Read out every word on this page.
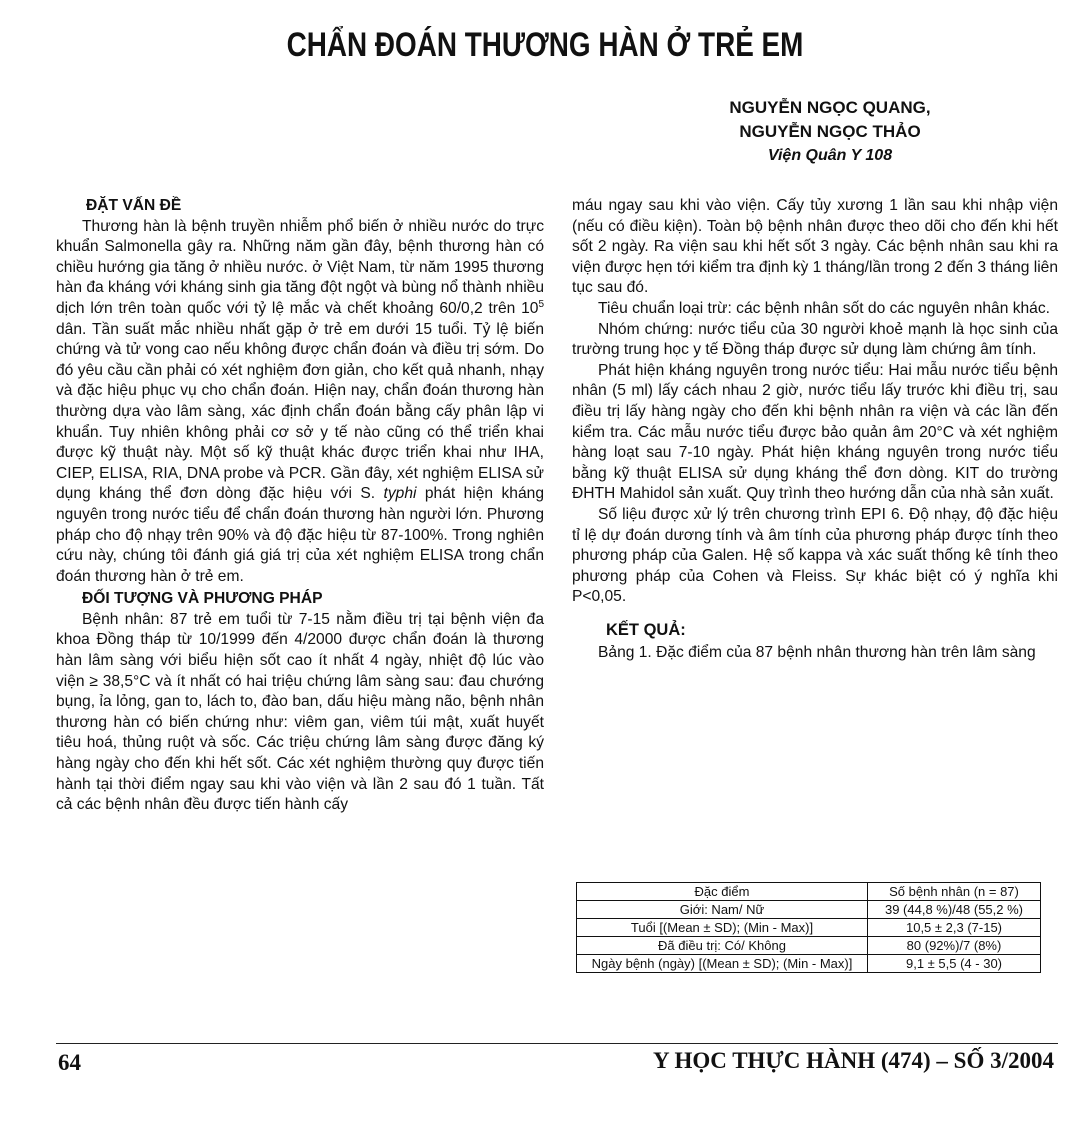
CHẨN ĐOÁN THƯƠNG HÀN Ở TRẺ EM
NGUYỄN NGỌC QUANG,
NGUYỄN NGỌC THẢO
Viện Quân Y 108
ĐẶT VẤN ĐỀ

Thương hàn là bệnh truyền nhiễm phổ biến ở nhiều nước do trực khuẩn Salmonella gây ra. Những năm gần đây, bệnh thương hàn có chiều hướng gia tăng ở nhiều nước. ở Việt Nam, từ năm 1995 thương hàn đa kháng với kháng sinh gia tăng đột ngột và bùng nổ thành nhiều dịch lớn trên toàn quốc với tỷ lệ mắc và chết khoảng 60/0,2 trên $10^5$ dân. Tần suất mắc nhiều nhất gặp ở trẻ em dưới 15 tuổi. Tỷ lệ biến chứng và tử vong cao nếu không được chẩn đoán và điều trị sớm. Do đó yêu cầu cần phải có xét nghiệm đơn giản, cho kết quả nhanh, nhạy và đặc hiệu phục vụ cho chẩn đoán. Hiện nay, chẩn đoán thương hàn thường dựa vào lâm sàng, xác định chẩn đoán bằng cấy phân lập vi khuẩn. Tuy nhiên không phải cơ sở y tế nào cũng có thể triển khai được kỹ thuật này. Một số kỹ thuật khác được triển khai như IHA, CIEP, ELISA, RIA, DNA probe và PCR. Gần đây, xét nghiệm ELISA sử dụng kháng thể đơn dòng đặc hiệu với S. typhi phát hiện kháng nguyên trong nước tiểu để chẩn đoán thương hàn người lớn. Phương pháp cho độ nhạy trên 90% và độ đặc hiệu từ 87-100%. Trong nghiên cứu này, chúng tôi đánh giá giá trị của xét nghiệm ELISA trong chẩn đoán thương hàn ở trẻ em.

ĐỐI TƯỢNG VÀ PHƯƠNG PHÁP

Bệnh nhân: 87 trẻ em tuổi từ 7-15 nằm điều trị tại bệnh viện đa khoa Đồng tháp từ 10/1999 đến 4/2000 được chẩn đoán là thương hàn lâm sàng với biểu hiện sốt cao ít nhất 4 ngày, nhiệt độ lúc vào viện ≥ 38,5°C và ít nhất có hai triệu chứng lâm sàng sau: đau chướng bụng, ỉa lỏng, gan to, lách to, đào ban, dấu hiệu màng não, bệnh nhân thương hàn có biến chứng như: viêm gan, viêm túi mật, xuất huyết tiêu hoá, thủng ruột và sốc. Các triệu chứng lâm sàng được đăng ký hàng ngày cho đến khi hết sốt. Các xét nghiệm thường quy được tiến hành tại thời điểm ngay sau khi vào viện và lần 2 sau đó 1 tuần. Tất cả các bệnh nhân đều được tiến hành cấy

máu ngay sau khi vào viện. Cấy tủy xương 1 lần sau khi nhập viện (nếu có điều kiện). Toàn bộ bệnh nhân được theo dõi cho đến khi hết sốt 2 ngày. Ra viện sau khi hết sốt 3 ngày. Các bệnh nhân sau khi ra viện được hẹn tới kiểm tra định kỳ 1 tháng/lần trong 2 đến 3 tháng liên tục sau đó.

Tiêu chuẩn loại trừ: các bệnh nhân sốt do các nguyên nhân khác.

Nhóm chứng: nước tiểu của 30 người khoẻ mạnh là học sinh của trường trung học y tế Đồng tháp được sử dụng làm chứng âm tính.

Phát hiện kháng nguyên trong nước tiểu: Hai mẫu nước tiểu bệnh nhân (5 ml) lấy cách nhau 2 giờ, nước tiểu lấy trước khi điều trị, sau điều trị lấy hàng ngày cho đến khi bệnh nhân ra viện và các lần đến kiểm tra. Các mẫu nước tiểu được bảo quản âm 20°C và xét nghiệm hàng loạt sau 7-10 ngày. Phát hiện kháng nguyên trong nước tiểu bằng kỹ thuật ELISA sử dụng kháng thể đơn dòng. KIT do trường ĐHTH Mahidol sản xuất. Quy trình theo hướng dẫn của nhà sản xuất.

Số liệu được xử lý trên chương trình EPI 6. Độ nhạy, độ đặc hiệu tỉ lệ dự đoán dương tính và âm tính của phương pháp được tính theo phương pháp của Galen. Hệ số kappa và xác suất thống kê tính theo phương pháp của Cohen và Fleiss. Sự khác biệt có ý nghĩa khi P<0,05.

KẾT QUẢ:

Bảng 1. Đặc điểm của 87 bệnh nhân thương hàn trên lâm sàng

Đặc điểm	Số bệnh nhân (n = 87)
Giới: Nam/ Nữ	39 (44,8 %)/48 (55,2 %)
Tuổi [(Mean ± SD); (Min - Max)]	10,5 ± 2,3 (7-15)
Đã điều trị: Có/ Không	80 (92%)/7 (8%)
Ngày bệnh (ngày) [(Mean ± SD); (Min - Max)]	9,1 ± 5,5 (4 - 30)
64	Y HỌC THỰC HÀNH (474) – SỐ 3/2004
